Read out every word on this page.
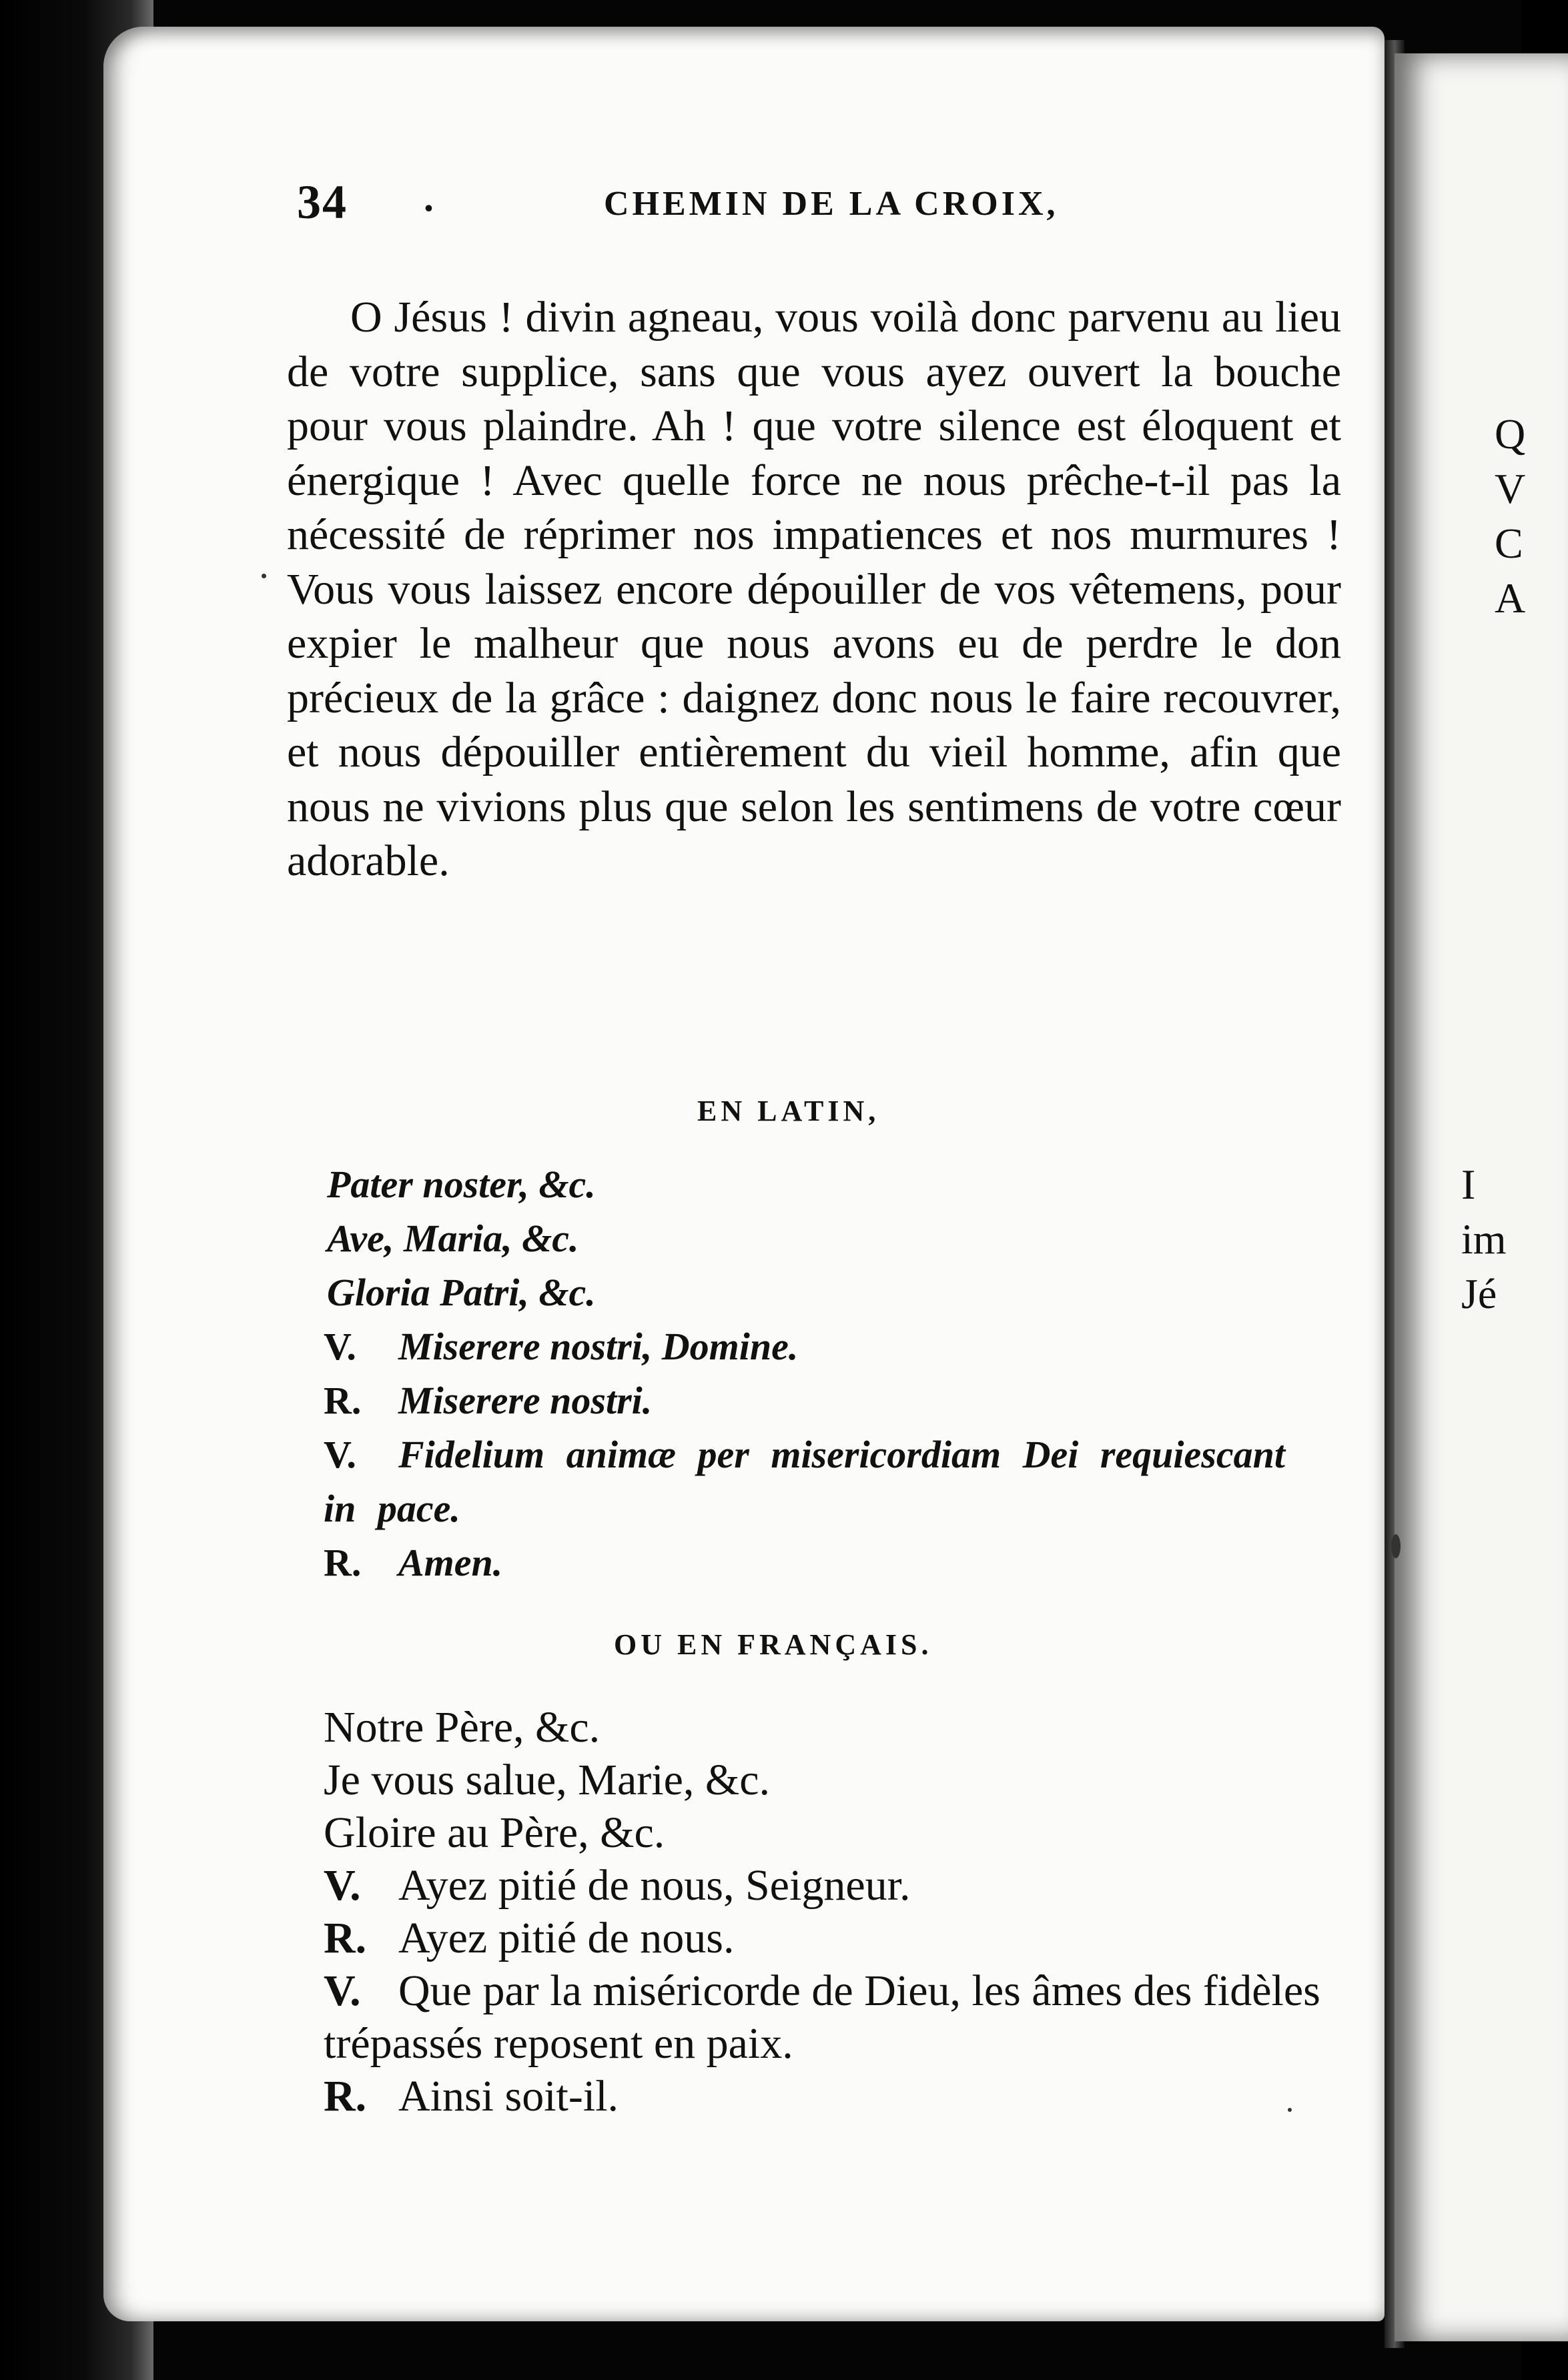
Q
V
C
A
I
im
Jé
34 .	CHEMIN DE LA CROIX,

O Jésus ! divin agneau, vous voilà donc parvenu au lieu de votre supplice, sans que vous ayez ouvert la bouche pour vous plaindre. Ah ! que votre silence est éloquent et énergique ! Avec quelle force ne nous prêche-t-il pas la nécessité de réprimer nos impatiences et nos murmures ! Vous vous laissez encore dépouiller de vos vêtemens, pour expier le malheur que nous avons eu de perdre le don précieux de la grâce : daignez donc nous le faire recouvrer, et nous dépouiller entièrement du vieil homme, afin que nous ne vivions plus que selon les sentimens de votre cœur adorable.

EN LATIN,
Pater noster, &c.
Ave, Maria, &c.
Gloria Patri, &c.
V. Miserere nostri, Domine.
R. Miserere nostri.
V. Fidelium animæ per misericordiam Dei requiescant in pace.
R. Amen.
OU EN FRANÇAIS.
Notre Père, &c.
Je vous salue, Marie, &c.
Gloire au Père, &c.
V. Ayez pitié de nous, Seigneur.
R. Ayez pitié de nous.
V. Que par la miséricorde de Dieu, les âmes des fidèles trépassés reposent en paix.
R. Ainsi soit-il.
